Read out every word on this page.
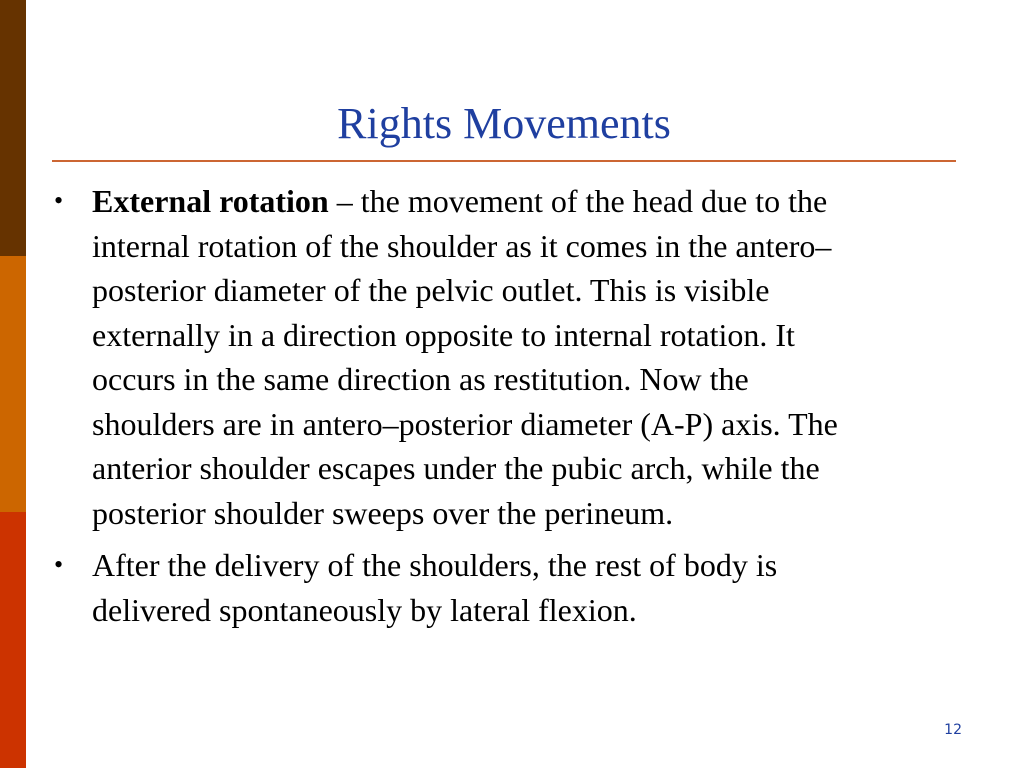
Rights Movements
• External rotation – the movement of the head due to the
internal rotation of the shoulder as it comes in the antero–
posterior diameter of the pelvic outlet. This is visible
externally in a direction opposite to internal rotation. It
occurs in the same direction as restitution. Now the
shoulders are in antero–posterior diameter (A-P) axis. The
anterior shoulder escapes under the pubic arch, while the
posterior shoulder sweeps over the perineum.
• After the delivery of the shoulders, the rest of body is
delivered spontaneously by lateral flexion.
12
